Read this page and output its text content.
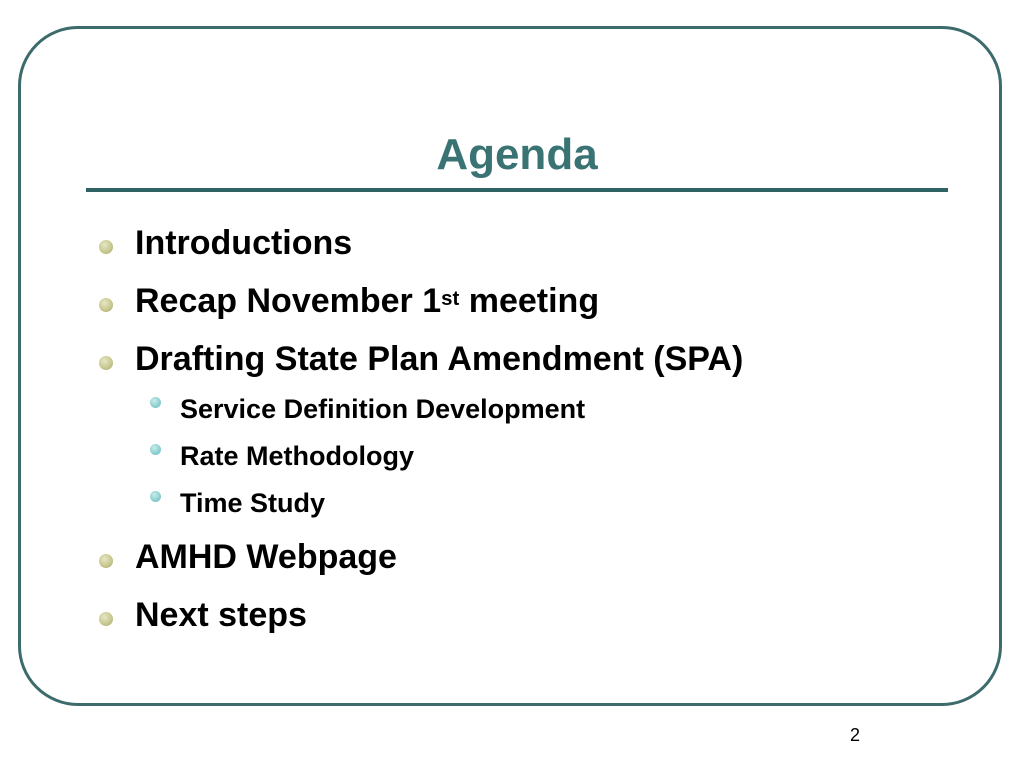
Agenda

Introductions

Recap November 1st meeting

Drafting State Plan Amendment (SPA)

Service Definition Development

Rate Methodology

Time Study

AMHD Webpage

Next steps

2
